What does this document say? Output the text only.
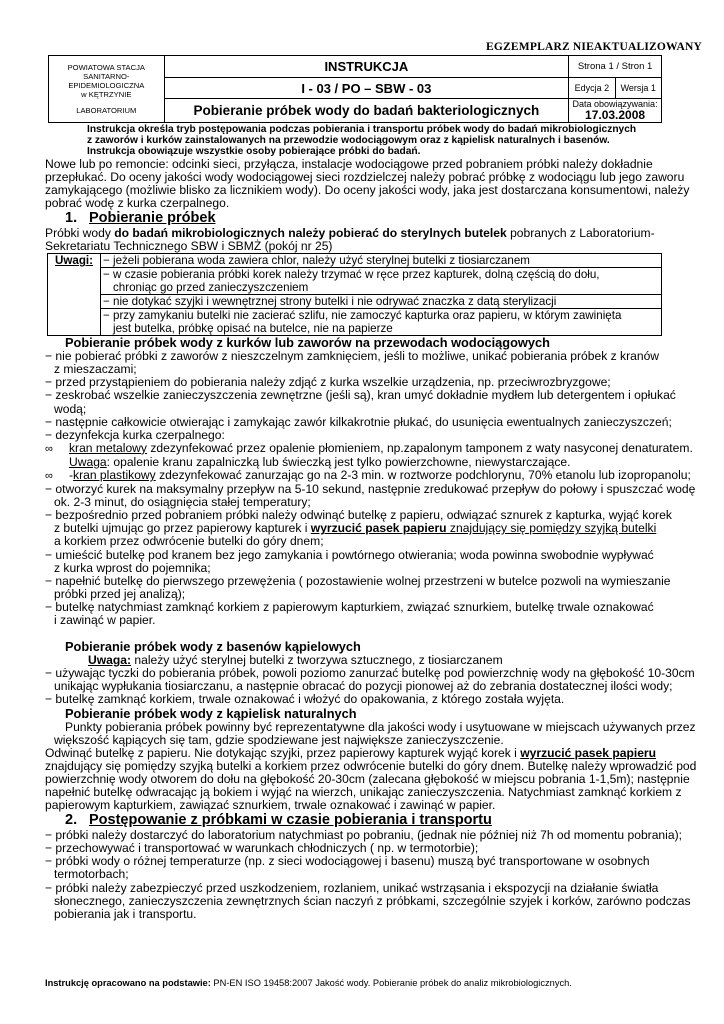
EGZEMPLARZ NIEAKTUALIZOWANY
POWIATOWA STACJA
SANITARNO-
EPIDEMIOLOGICZNA
w KĘTRZYNIE
LABORATORIUM	INSTRUKCJA	Strona 1 / Stron 1	
	I - 03 / PO – SBW - 03	Edycja 2	Wersja 1
	Pobieranie próbek wody do badań bakteriologicznych	Data obowiązywania:
17.03.2008	

Instrukcja określa tryb postępowania podczas pobierania i transportu próbek wody do badań mikrobiologicznych

z zaworów i kurków zainstalowanych na przewodzie wodociągowym oraz z kąpielisk naturalnych i basenów.

Instrukcja obowiązuje wszystkie osoby pobierające próbki do badań.

Nowe lub po remoncie: odcinki sieci, przyłącza, instalacje wodociągowe przed pobraniem próbki należy dokładnie

przepłukać. Do oceny jakości wody wodociągowej sieci rozdzielczej należy pobrać próbkę z wodociągu lub jego zaworu

zamykającego (możliwie blisko za licznikiem wody). Do oceny jakości wody, jaka jest dostarczana konsumentowi, należy

pobrać wodę z kurka czerpalnego.

1. Pobieranie próbek

Próbki wody do badań mikrobiologicznych należy pobierać do sterylnych butelek pobranych z Laboratorium-

Sekretariatu Technicznego SBW i SBMŻ (pokój nr 25)

Uwagi:	− jeżeli pobierana woda zawiera chlor, należy użyć sterylnej butelki z tiosiarczanem

− w czasie pobierania próbki korek należy trzymać w ręce przez kapturek, dolną częścią do dołu,
chroniąc go przed zanieczyszczeniem

− nie dotykać szyjki i wewnętrznej strony butelki i nie odrywać znaczka z datą sterylizacji

− przy zamykaniu butelki nie zacierać szlifu, nie zamoczyć kapturka oraz papieru, w którym zawinięta
jest butelka, próbkę opisać na butelce, nie na papierze

Pobieranie próbek wody z kurków lub zaworów na przewodach wodociągowych

− nie pobierać próbki z zaworów z nieszczelnym zamknięciem, jeśli to możliwe, unikać pobierania próbek z kranów

z mieszaczami;

− przed przystąpieniem do pobierania należy zdjąć z kurka wszelkie urządzenia, np. przeciwrozbryzgowe;

− zeskrobać wszelkie zanieczyszczenia zewnętrzne (jeśli są), kran umyć dokładnie mydłem lub detergentem i opłukać

wodą;

− następnie całkowicie otwierając i zamykając zawór kilkakrotnie płukać, do usunięcia ewentualnych zanieczyszczeń;

− dezynfekcja kurka czerpalnego:

∞ kran metalowy zdezynfekować przez opalenie płomieniem, np.zapalonym tamponem z waty nasyconej denaturatem.

Uwaga: opalenie kranu zapalniczką lub świeczką jest tylko powierzchowne, niewystarczające.

∞ -kran plastikowy zdezynfekować zanurzając go na 2-3 min. w roztworze podchlorynu, 70% etanolu lub izopropanolu;

− otworzyć kurek na maksymalny przepływ na 5-10 sekund, następnie zredukować przepływ do połowy i spuszczać wodę

ok. 2-3 minut, do osiągnięcia stałej temperatury;

− bezpośrednio przed pobraniem próbki należy odwinąć butelkę z papieru, odwiązać sznurek z kapturka, wyjąć korek

z butelki ujmując go przez papierowy kapturek i wyrzucić pasek papieru znajdujący się pomiędzy szyjką butelki

a korkiem przez odwrócenie butelki do góry dnem;

− umieścić butelkę pod kranem bez jego zamykania i powtórnego otwierania; woda powinna swobodnie wypływać

z kurka wprost do pojemnika;

− napełnić butelkę do pierwszego przewężenia ( pozostawienie wolnej przestrzeni w butelce pozwoli na wymieszanie

próbki przed jej analizą);

− butelkę natychmiast zamknąć korkiem z papierowym kapturkiem, związać sznurkiem, butelkę trwale oznakować

i zawinąć w papier.

Pobieranie próbek wody z basenów kąpielowych

Uwaga: należy użyć sterylnej butelki z tworzywa sztucznego, z tiosiarczanem

− używając tyczki do pobierania próbek, powoli poziomo zanurzać butelkę pod powierzchnię wody na głębokość 10-30cm

unikając wypłukania tiosiarczanu, a następnie obracać do pozycji pionowej aż do zebrania dostatecznej ilości wody;

− butelkę zamknąć korkiem, trwale oznakować i włożyć do opakowania, z którego została wyjęta.

Pobieranie próbek wody z kąpielisk naturalnych

Punkty pobierania próbek powinny być reprezentatywne dla jakości wody i usytuowane w miejscach używanych przez

większość kąpiących się tam, gdzie spodziewane jest największe zanieczyszczenie.

Odwinąć butelkę z papieru. Nie dotykając szyjki, przez papierowy kapturek wyjąć korek i wyrzucić pasek papieru

znajdujący się pomiędzy szyjką butelki a korkiem przez odwrócenie butelki do góry dnem. Butelkę należy wprowadzić pod

powierzchnię wody otworem do dołu na głębokość 20-30cm (zalecana głębokość w miejscu pobrania 1-1,5m); następnie

napełnić butelkę odwracając ją bokiem i wyjąć na wierzch, unikając zanieczyszczenia. Natychmiast zamknąć korkiem z

papierowym kapturkiem, zawiązać sznurkiem, trwale oznakować i zawinąć w papier.

2. Postępowanie z próbkami w czasie pobierania i transportu

− próbki należy dostarczyć do laboratorium natychmiast po pobraniu, (jednak nie później niż 7h od momentu pobrania);

− przechowywać i transportować w warunkach chłodniczych ( np. w termotorbie);

− próbki wody o różnej temperaturze (np. z sieci wodociągowej i basenu) muszą być transportowane w osobnych

termotorbach;

− próbki należy zabezpieczyć przed uszkodzeniem, rozlaniem, unikać wstrząsania i ekspozycji na działanie światła

słonecznego, zanieczyszczenia zewnętrznych ścian naczyń z próbkami, szczególnie szyjek i korków, zarówno podczas

pobierania jak i transportu.

Instrukcję opracowano na podstawie: PN-EN ISO 19458:2007 Jakość wody. Pobieranie próbek do analiz mikrobiologicznych.
